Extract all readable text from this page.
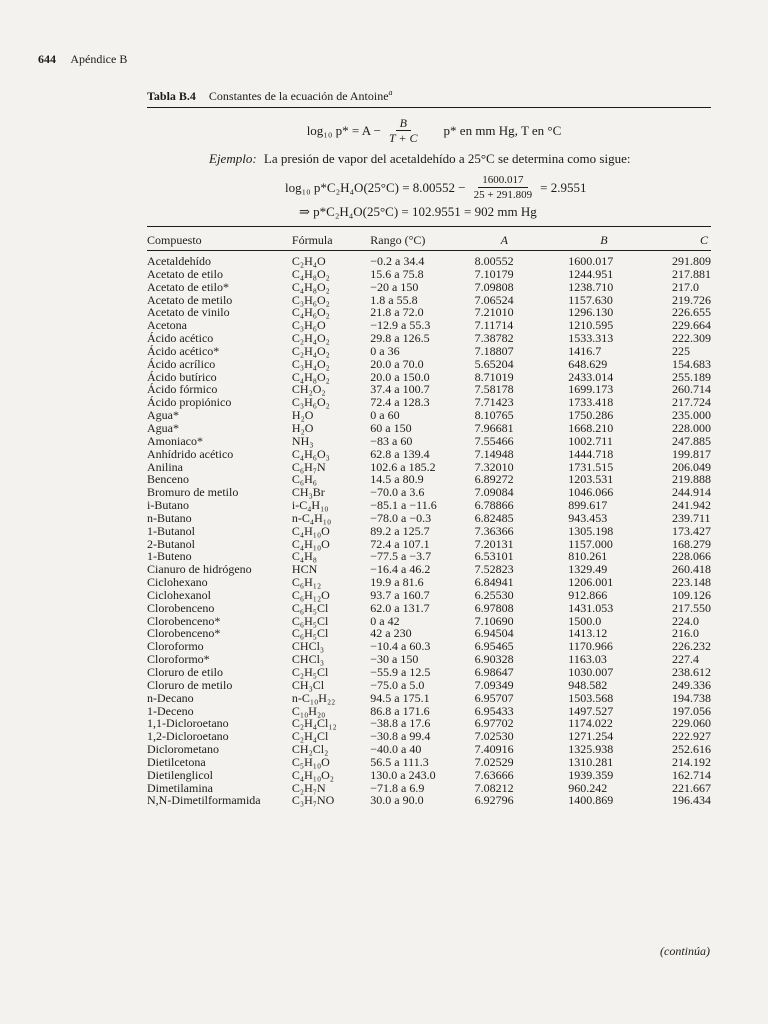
644 Apéndice B
Tabla B.4 Constantes de la ecuación de Antoine$^a$
log₁₀ $p* = A - \frac{B}{T + C} p*$ en mm Hg, T en °C
Ejemplo: La presión de vapor del acetaldehído a 25°C se determina como sigue:
log₁₀ $p*C_2H_4O(25^\circ C) = 8.00552 - \frac{1600.017}{25 + 291.809} = 2.9551$
⇒ p*C₂H₄O(25°C) = 102.9551 = 902 mm Hg
Compuesto	Fórmula	Rango (°C)	A	B	C
Acetaldehído	C₂H₄O	−0.2 a 34.4	8.00552	1600.017	291.809
Acetato de etilo	C₄H₈O₂	15.6 a 75.8	7.10179	1244.951	217.881
Acetato de etilo*	C₄H₈O₂	−20 a 150	7.09808	1238.710	217.0
Acetato de metilo	C₃H₆O₂	1.8 a 55.8	7.06524	1157.630	219.726
Acetato de vinilo	C₄H₆O₂	21.8 a 72.0	7.21010	1296.130	226.655
Acetona	C₃H₆O	−12.9 a 55.3	7.11714	1210.595	229.664
Ácido acético	C₂H₄O₂	29.8 a 126.5	7.38782	1533.313	222.309
Ácido acético*	C₂H₄O₂	0 a 36	7.18807	1416.7	225
Ácido acrílico	C₃H₄O₂	20.0 a 70.0	5.65204	648.629	154.683
Ácido butírico	C₄H₈O₂	20.0 a 150.0	8.71019	2433.014	255.189
Ácido fórmico	CH₂O₂	37.4 a 100.7	7.58178	1699.173	260.714
Ácido propiónico	C₃H₆O₂	72.4 a 128.3	7.71423	1733.418	217.724
Agua*	H₂O	0 a 60	8.10765	1750.286	235.000
Agua*	H₂O	60 a 150	7.96681	1668.210	228.000
Amoniaco*	NH₃	−83 a 60	7.55466	1002.711	247.885
Anhídrido acético	C₄H₆O₃	62.8 a 139.4	7.14948	1444.718	199.817
Anilina	C₆H₇N	102.6 a 185.2	7.32010	1731.515	206.049
Benceno	C₆H₆	14.5 a 80.9	6.89272	1203.531	219.888
Bromuro de metilo	CH₃Br	−70.0 a 3.6	7.09084	1046.066	244.914
i-Butano	i-C₄H₁₀	−85.1 a −11.6	6.78866	899.617	241.942
n-Butano	n-C₄H₁₀	−78.0 a −0.3	6.82485	943.453	239.711
1-Butanol	C₄H₁₀O	89.2 a 125.7	7.36366	1305.198	173.427
2-Butanol	C₄H₁₀O	72.4 a 107.1	7.20131	1157.000	168.279
1-Buteno	C₄H₈	−77.5 a −3.7	6.53101	810.261	228.066
Cianuro de hidrógeno	HCN	−16.4 a 46.2	7.52823	1329.49	260.418
Ciclohexano	C₆H₁₂	19.9 a 81.6	6.84941	1206.001	223.148
Ciclohexanol	C₆H₁₂O	93.7 a 160.7	6.25530	912.866	109.126
Clorobenceno	C₆H₅Cl	62.0 a 131.7	6.97808	1431.053	217.550
Clorobenceno*	C₆H₅Cl	0 a 42	7.10690	1500.0	224.0
Clorobenceno*	C₆H₅Cl	42 a 230	6.94504	1413.12	216.0
Cloroformo	CHCl₃	−10.4 a 60.3	6.95465	1170.966	226.232
Cloroformo*	CHCl₃	−30 a 150	6.90328	1163.03	227.4
Cloruro de etilo	C₂H₅Cl	−55.9 a 12.5	6.98647	1030.007	238.612
Cloruro de metilo	CH₃Cl	−75.0 a 5.0	7.09349	948.582	249.336
n-Decano	n-C₁₀H₂₂	94.5 a 175.1	6.95707	1503.568	194.738
1-Deceno	C₁₀H₂₀	86.8 a 171.6	6.95433	1497.527	197.056
1,1-Dicloroetano	C₂H₄Cl₁₂	−38.8 a 17.6	6.97702	1174.022	229.060
1,2-Dicloroetano	C₂H₄Cl	−30.8 a 99.4	7.02530	1271.254	222.927
Diclorometano	CH₂Cl₂	−40.0 a 40	7.40916	1325.938	252.616
Dietilcetona	C₅H₁₀O	56.5 a 111.3	7.02529	1310.281	214.192
Dietilenglicol	C₄H₁₀O₂	130.0 a 243.0	7.63666	1939.359	162.714
Dimetilamina	C₂H₇N	−71.8 a 6.9	7.08212	960.242	221.667
N,N-Dimetilformamida	C₃H₇NO	30.0 a 90.0	6.92796	1400.869	196.434
(continúa)
